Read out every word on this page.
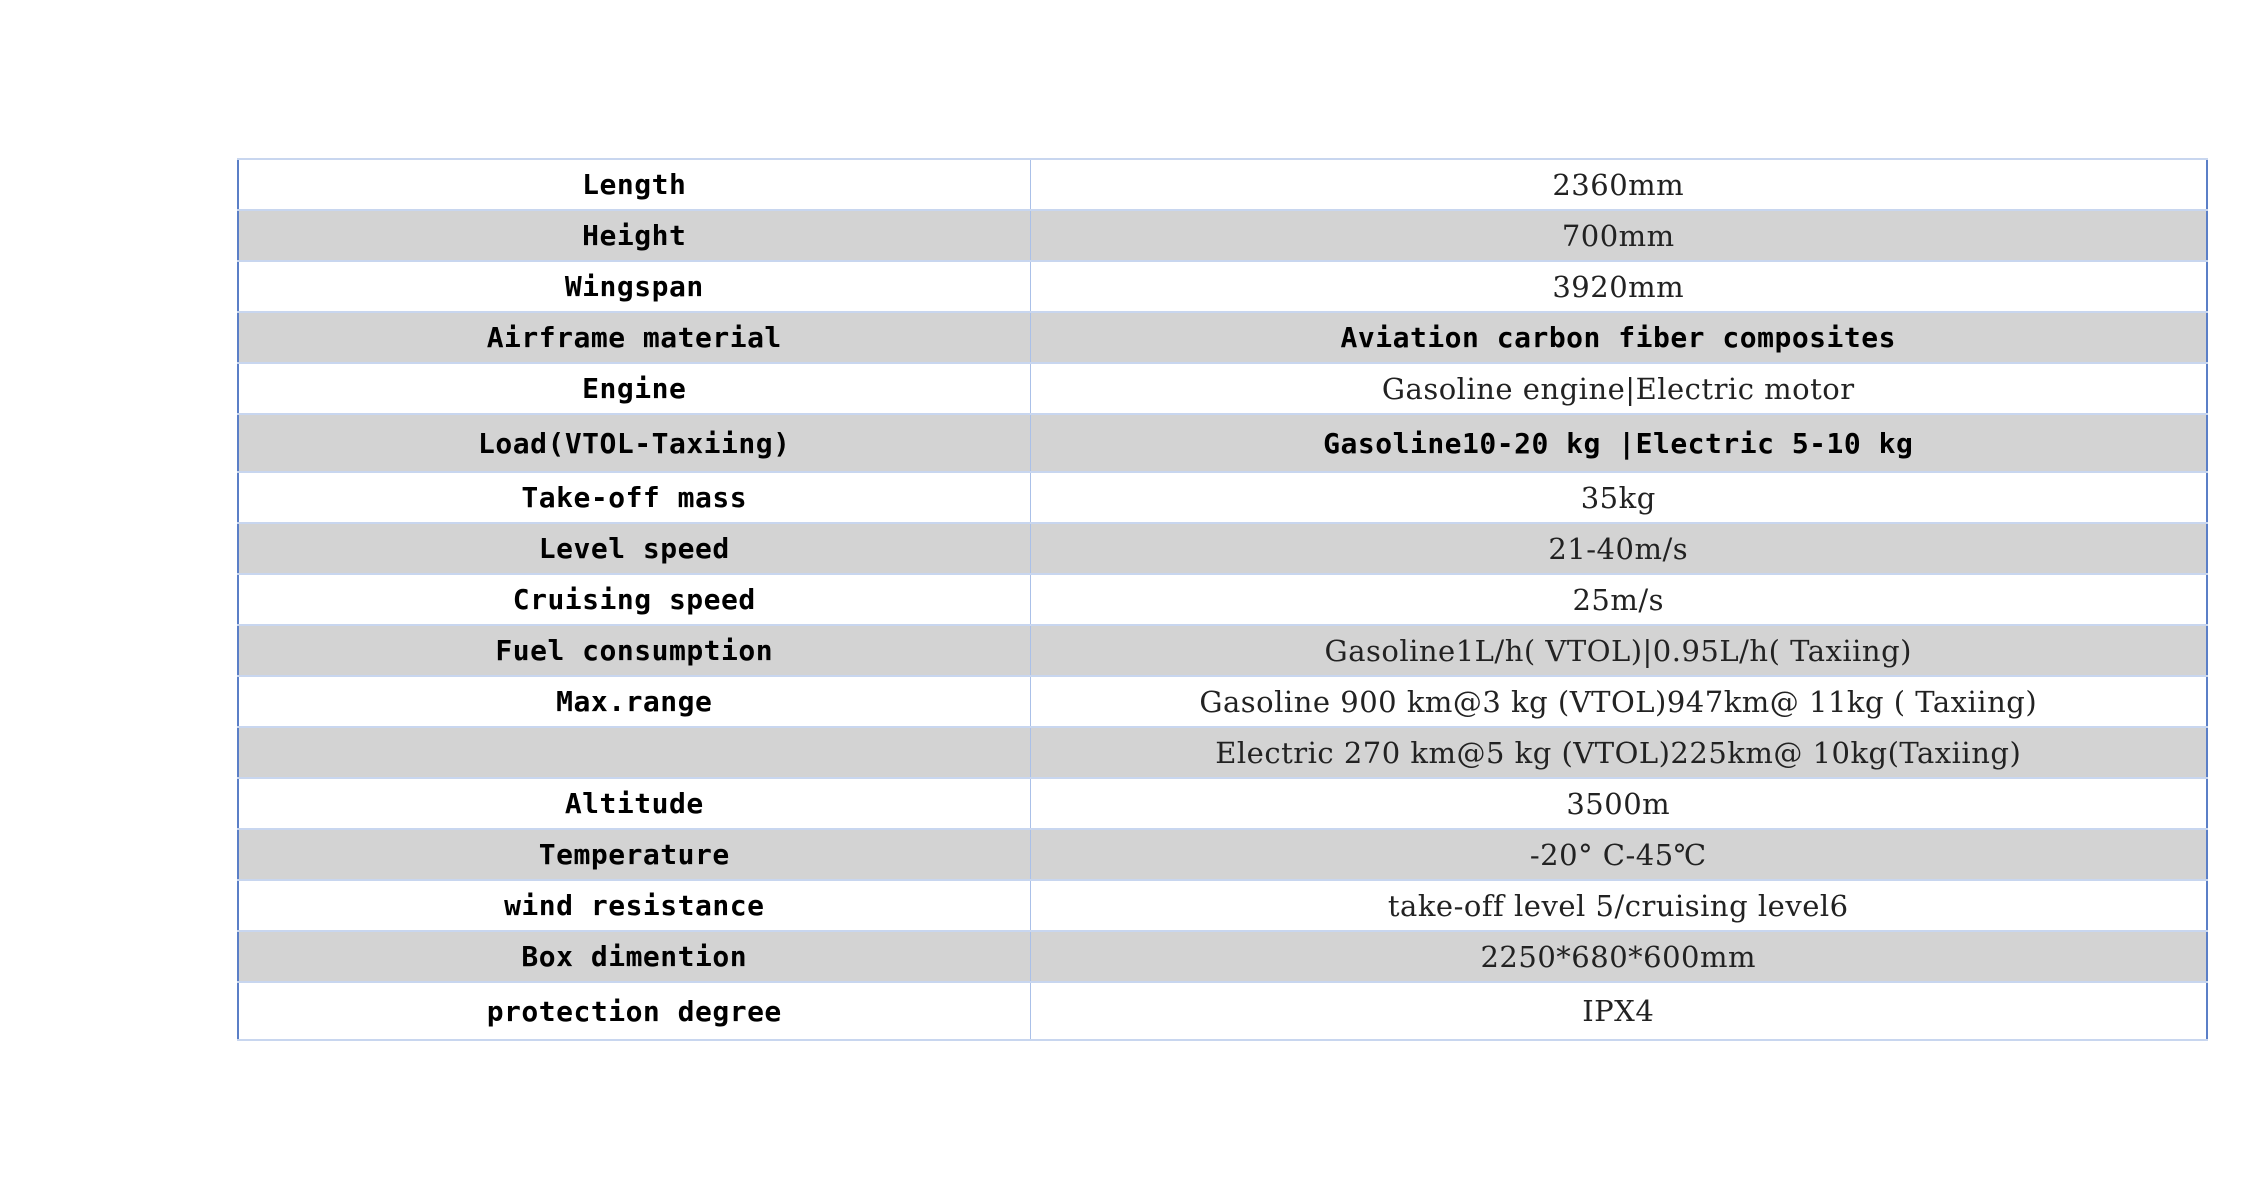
Length	2360mm
Height	700mm
Wingspan	3920mm
Airframe material	Aviation carbon fiber composites
Engine	Gasoline engine|Electric motor
Load(VTOL-Taxiing)	Gasoline10-20 kg |Electric 5-10 kg
Take-off mass	35kg
Level speed	21-40m/s
Cruising speed	25m/s
Fuel consumption	Gasoline1L/h( VTOL)|0.95L/h( Taxiing)
Max.range	Gasoline 900 km@3 kg (VTOL)947km@ 11kg ( Taxiing)
	Electric 270 km@5 kg (VTOL)225km@ 10kg(Taxiing)
Altitude	3500m
Temperature	-20° C-45℃
wind resistance	take-off level 5/cruising level6
Box dimention	2250*680*600mm
protection degree	IPX4
